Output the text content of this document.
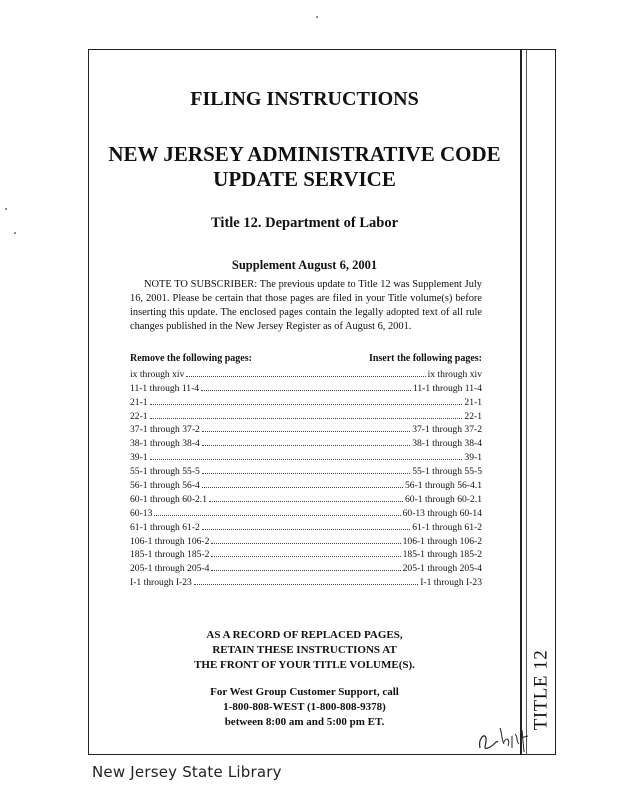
TITLE 12
FILING INSTRUCTIONS
NEW JERSEY ADMINISTRATIVE CODE
UPDATE SERVICE
Title 12. Department of Labor
Supplement August 6, 2001
NOTE TO SUBSCRIBER: The previous update to Title 12 was Supplement July 16, 2001. Please be certain that those pages are filed in your Title volume(s) before inserting this update. The enclosed pages contain the legally adopted text of all rule changes published in the New Jersey Register as of August 6, 2001.
Remove the following pages:	Insert the following pages:
ix through xiv	ix through xiv
11-1 through 11-4	11-1 through 11-4
21-1	21-1
22-1	22-1
37-1 through 37-2	37-1 through 37-2
38-1 through 38-4	38-1 through 38-4
39-1	39-1
55-1 through 55-5	55-1 through 55-5
56-1 through 56-4	56-1 through 56-4.1
60-1 through 60-2.1	60-1 through 60-2.1
60-13	60-13 through 60-14
61-1 through 61-2	61-1 through 61-2
106-1 through 106-2	106-1 through 106-2
185-1 through 185-2	185-1 through 185-2
205-1 through 205-4	205-1 through 205-4
I-1 through I-23	I-1 through I-23
AS A RECORD OF REPLACED PAGES,
RETAIN THESE INSTRUCTIONS AT
THE FRONT OF YOUR TITLE VOLUME(S).
For West Group Customer Support, call
1-800-808-WEST (1-800-808-9378)
between 8:00 am and 5:00 pm ET.
New Jersey State Library
